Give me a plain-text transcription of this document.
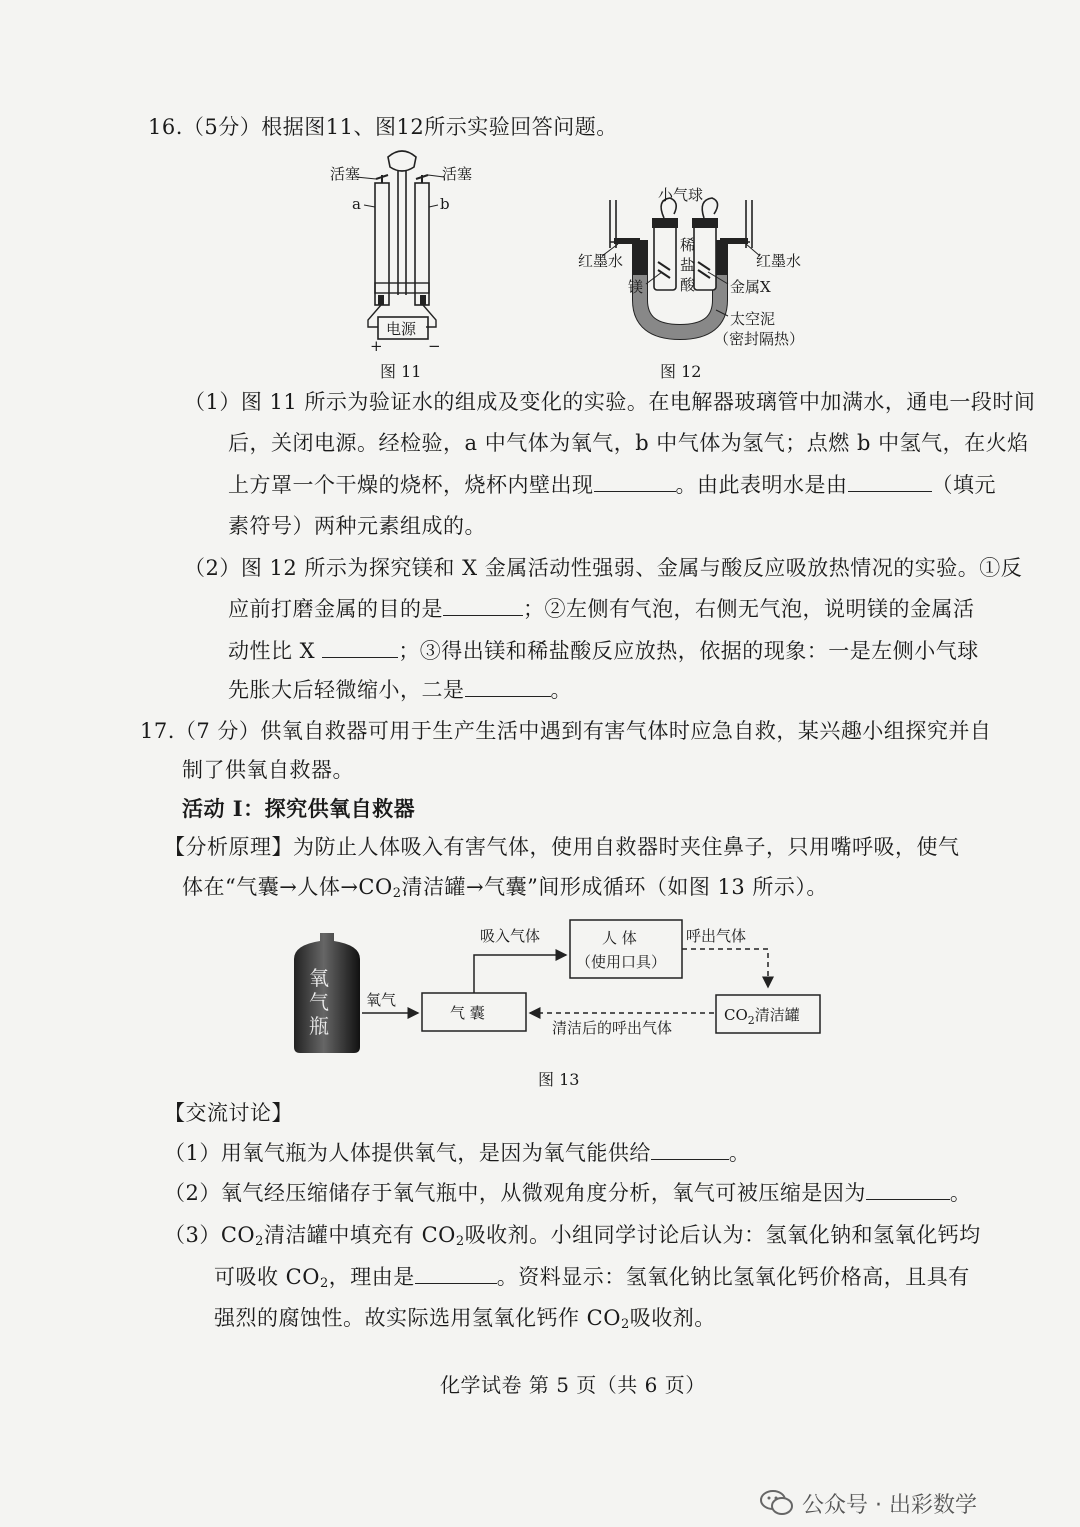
16.（5分）根据图11、图12所示实验回答问题。
活塞	活塞
a	b
电源
+	−
图 11
小气球
红墨水	红墨水
稀
盐
酸
镁	金属X
太空泥
（密封隔热）
图 12
（1）图 11 所示为验证水的组成及变化的实验。在电解器玻璃管中加满水，通电一段时间
后，关闭电源。经检验，a 中气体为氧气，b 中气体为氢气；点燃 b 中氢气，在火焰
上方罩一个干燥的烧杯，烧杯内壁出现	。由此表明水是由	（填元
素符号）两种元素组成的。
（2）图 12 所示为探究镁和 X 金属活动性强弱、金属与酸反应吸放热情况的实验。①反
应前打磨金属的目的是	；②左侧有气泡，右侧无气泡，说明镁的金属活
动性比 X	；③得出镁和稀盐酸反应放热，依据的现象：一是左侧小气球
先胀大后轻微缩小，二是	。
17.（7 分）供氧自救器可用于生产生活中遇到有害气体时应急自救，某兴趣小组探究并自
制了供氧自救器。
活动 I：探究供氧自救器
【分析原理】为防止人体吸入有害气体，使用自救器时夹住鼻子，只用嘴呼吸，使气
体在“气囊→人体$\to CO_2$清洁罐→气囊”间形成循环（如图 13 所示）。
氧
气
瓶
氧气
气 囊
吸入气体	人 体
（使用口具）
呼出气体
$CO_2$清洁罐
清洁后的呼出气体
图 13
【交流讨论】
（1）用氧气瓶为人体提供氧气，是因为氧气能供给	。
（2）氧气经压缩储存于氧气瓶中，从微观角度分析，氧气可被压缩是因为	。
$(3)CO_2$清洁罐中填充有 $CO_2$吸收剂。小组同学讨论后认为：氢氧化钠和氢氧化钙均
可吸收 $CO_2$，理由是	。资料显示：氢氧化钠比氢氧化钙价格高，且具有
强烈的腐蚀性。故实际选用氢氧化钙作 $CO_2$吸收剂。
化学试卷 第 5 页（共 6 页）
公众号 · 出彩数学
